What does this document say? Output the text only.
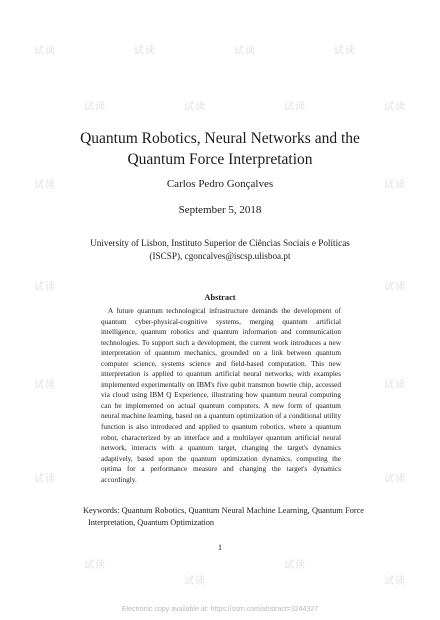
试读	试读	试读	试读
试读	试读	试读	试读
试读	试读
试读	试读
试读	试读
试读	试读
试读
试读
试读
试读
Quantum Robotics, Neural Networks and the
Quantum Force Interpretation

Carlos Pedro Gonçalves

September 5, 2018

University of Lisbon, Instituto Superior de Ciências Sociais e Políticas
(ISCSP), cgoncalves@iscsp.ulisboa.pt

Abstract

A future quantum technological infrastructure demands the development of quantum cyber-physical-cognitive systems, merging quantum artificial intelligence, quantum robotics and quantum information and communication technologies. To support such a development, the current work introduces a new interpretation of quantum mechanics, grounded on a link between quantum computer science, systems science and field-based computation. This new interpretation is applied to quantum artificial neural networks, with examples implemented experimentally on IBM's five qubit transmon bowtie chip, accessed via cloud using IBM Q Experience, illustrating how quantum neural computing can be implemented on actual quantum computers. A new form of quantum neural machine learning, based on a quantum optimization of a conditional utility function is also introduced and applied to quantum robotics, where a quantum robot, characterized by an interface and a multilayer quantum artificial neural network, interacts with a quantum target, changing the target's dynamics adaptively, based upon the quantum optimization dynamics, computing the optima for a performance measure and changing the target's dynamics accordingly.

Keywords: Quantum Robotics, Quantum Neural Machine Learning, Quantum Force Interpretation, Quantum Optimization

1

Electronic copy available at: https://ssrn.com/abstract=3244327
